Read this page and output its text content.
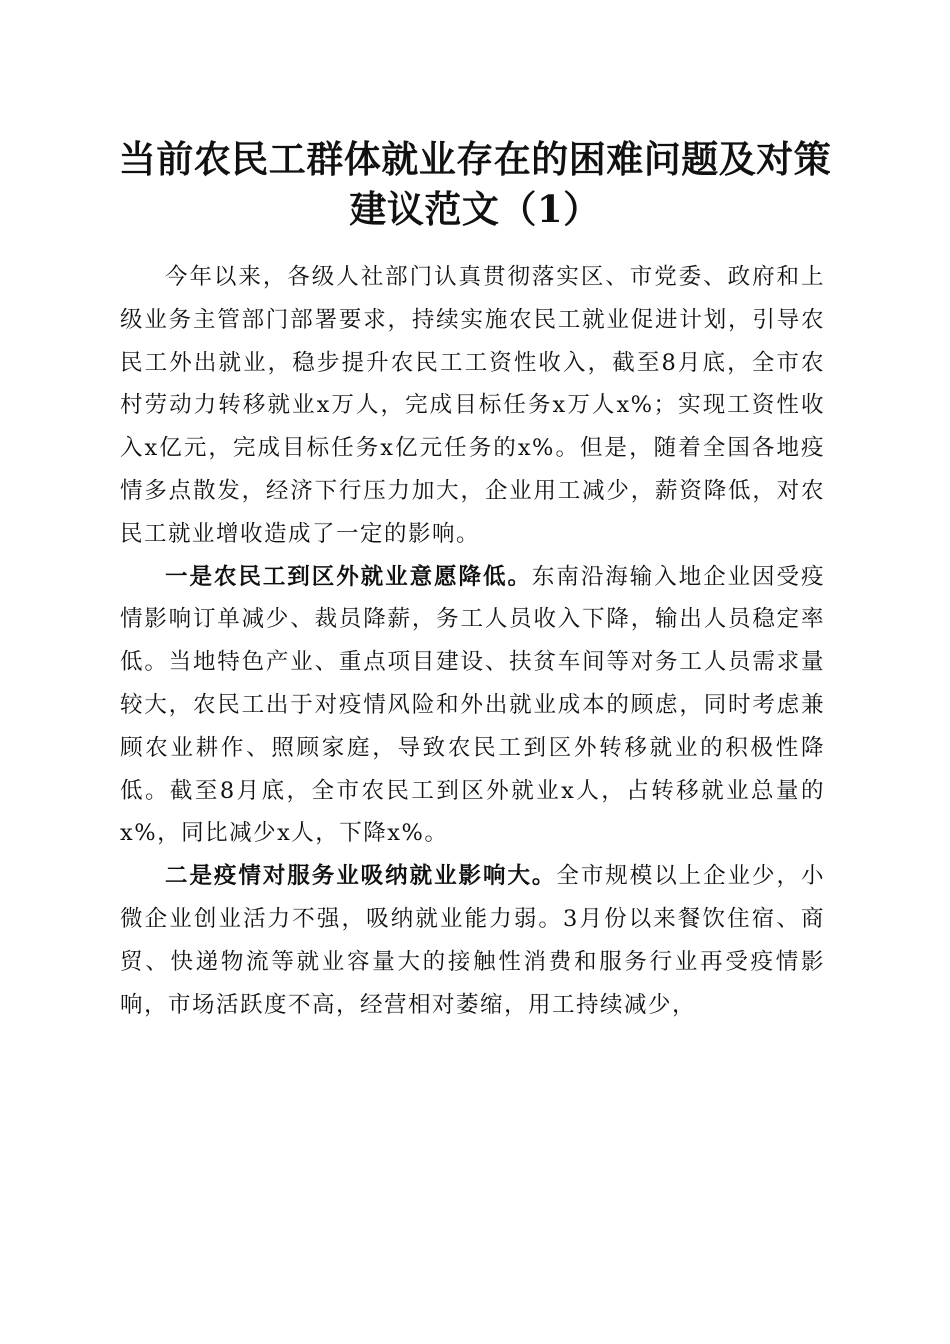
当前农民工群体就业存在的困难问题及对策建议范文（1）

今年以来，各级人社部门认真贯彻落实区、市党委、政府和上级业务主管部门部署要求，持续实施农民工就业促进计划，引导农民工外出就业，稳步提升农民工工资性收入，截至8月底，全市农村劳动力转移就业x万人，完成目标任务x万人x%；实现工资性收入x亿元，完成目标任务x亿元任务的x%。但是，随着全国各地疫情多点散发，经济下行压力加大，企业用工减少，薪资降低，对农民工就业增收造成了一定的影响。

一是农民工到区外就业意愿降低。东南沿海输入地企业因受疫情影响订单减少、裁员降薪，务工人员收入下降，输出人员稳定率低。当地特色产业、重点项目建设、扶贫车间等对务工人员需求量较大，农民工出于对疫情风险和外出就业成本的顾虑，同时考虑兼顾农业耕作、照顾家庭，导致农民工到区外转移就业的积极性降低。截至8月底，全市农民工到区外就业x人，占转移就业总量的x%，同比减少x人，下降x%。

二是疫情对服务业吸纳就业影响大。全市规模以上企业少，小微企业创业活力不强，吸纳就业能力弱。3月份以来餐饮住宿、商贸、快递物流等就业容量大的接触性消费和服务行业再受疫情影响，市场活跃度不高，经营相对萎缩，用工持续减少，
